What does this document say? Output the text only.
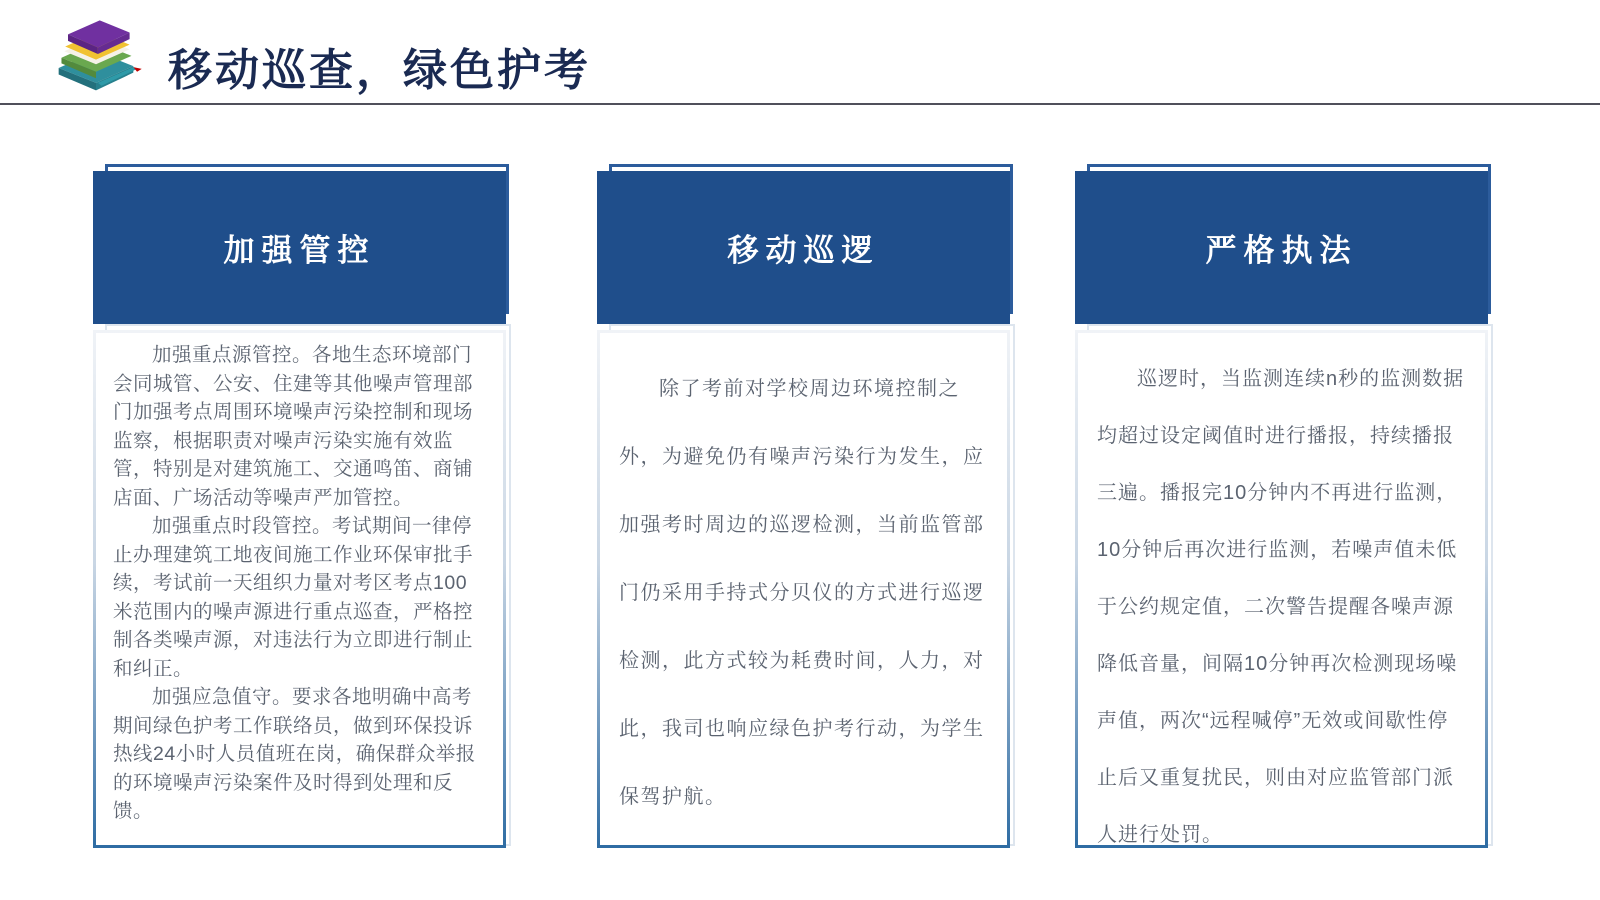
移动巡查，绿色护考
加强管控

加强重点源管控。各地生态环境部门会同城管、公安、住建等其他噪声管理部门加强考点周围环境噪声污染控制和现场监察，根据职责对噪声污染实施有效监管，特别是对建筑施工、交通鸣笛、商铺店面、广场活动等噪声严加管控。

加强重点时段管控。考试期间一律停止办理建筑工地夜间施工作业环保审批手续，考试前一天组织力量对考区考点100米范围内的噪声源进行重点巡查，严格控制各类噪声源，对违法行为立即进行制止和纠正。

加强应急值守。要求各地明确中高考期间绿色护考工作联络员，做到环保投诉热线24小时人员值班在岗，确保群众举报的环境噪声污染案件及时得到处理和反馈。

移动巡逻

除了考前对学校周边环境控制之外，为避免仍有噪声污染行为发生，应加强考时周边的巡逻检测，当前监管部门仍采用手持式分贝仪的方式进行巡逻检测，此方式较为耗费时间，人力，对此，我司也响应绿色护考行动，为学生保驾护航。

严格执法

巡逻时，当监测连续n秒的监测数据均超过设定阈值时进行播报，持续播报三遍。播报完10分钟内不再进行监测，10分钟后再次进行监测，若噪声值未低于公约规定值，二次警告提醒各噪声源降低音量，间隔10分钟再次检测现场噪声值，两次“远程喊停”无效或间歇性停止后又重复扰民，则由对应监管部门派人进行处罚。
